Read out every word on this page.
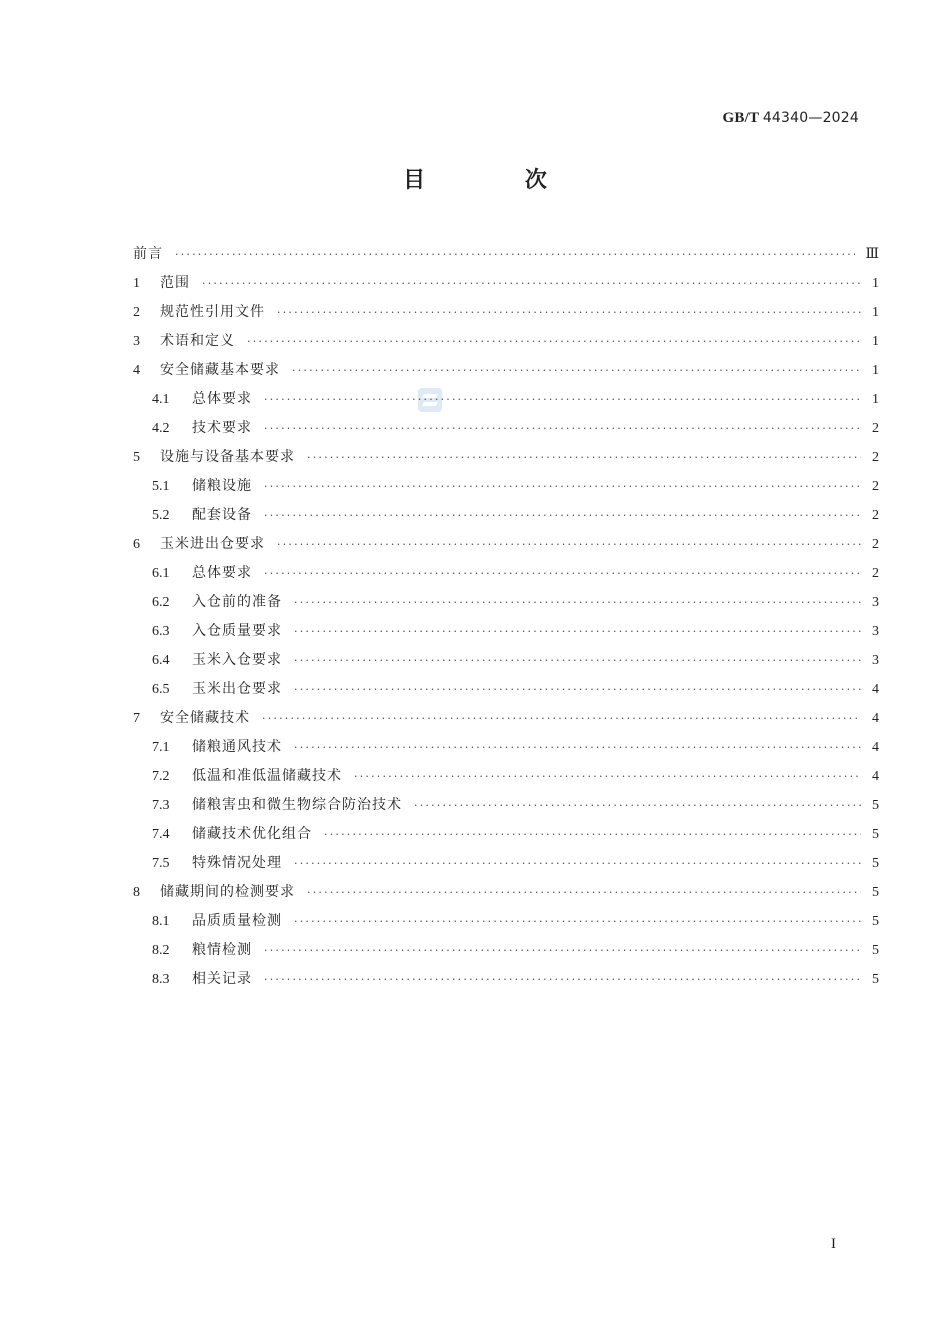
GB/T 44340—2024
目 次
前言 ·····	Ⅲ
1	范围 ·····	1
2	规范性引用文件 ·····	1
3	术语和定义 ·····	1
4	安全储藏基本要求 ·····	1
4.1	总体要求 ·····	1
4.2	技术要求 ·····	2
5	设施与设备基本要求 ·····	2
5.1	储粮设施 ·····	2
5.2	配套设备 ·····	2
6	玉米进出仓要求 ·····	2
6.1	总体要求 ·····	2
6.2	入仓前的准备 ·····	3
6.3	入仓质量要求 ·····	3
6.4	玉米入仓要求 ·····	3
6.5	玉米出仓要求 ·····	4
7	安全储藏技术 ·····	4
7.1	储粮通风技术 ·····	4
7.2	低温和准低温储藏技术 ·····	4
7.3	储粮害虫和微生物综合防治技术 ·····	5
7.4	储藏技术优化组合 ·····	5
7.5	特殊情况处理 ·····	5
8	储藏期间的检测要求 ·····	5
8.1	品质质量检测 ·····	5
8.2	粮情检测 ·····	5
8.3	相关记录 ·····	5
I
